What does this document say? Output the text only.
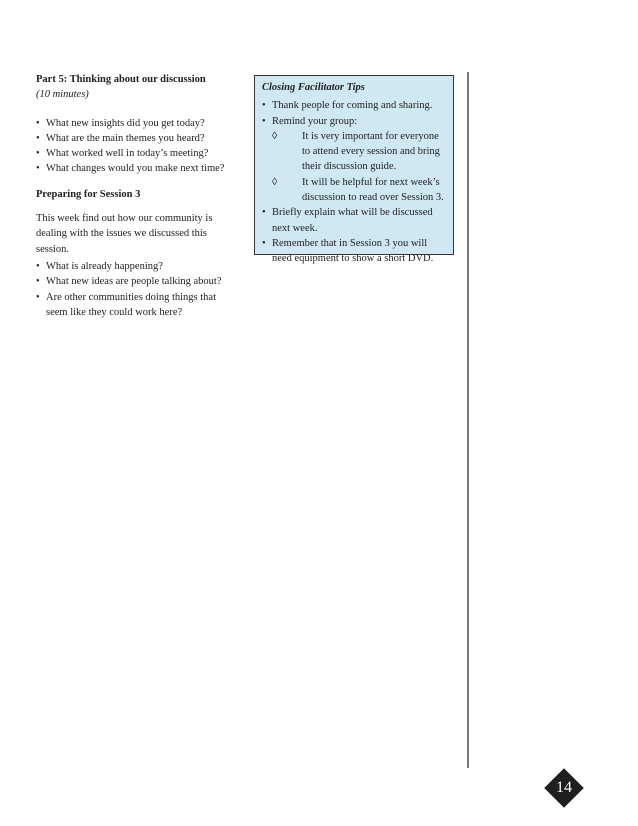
Part 5: Thinking about our discussion

(10 minutes)

• What new insights did you get today?
• What are the main themes you heard?
• What worked well in today’s meeting?
• What changes would you make next time?

Preparing for Session 3

This week find out how our community is dealing with the issues we discussed this session.

• What is already happening?
• What new ideas are people talking about?
• Are other communities doing things that seem like they could work here?

Closing Facilitator Tips

• Thank people for coming and sharing.
• Remind your group:
◊ It is very important for everyone to attend every session and bring their discussion guide.
◊ It will be helpful for next week’s discussion to read over Session 3.
• Briefly explain what will be discussed next week.
• Remember that in Session 3 you will need equipment to show a short DVD.
14
